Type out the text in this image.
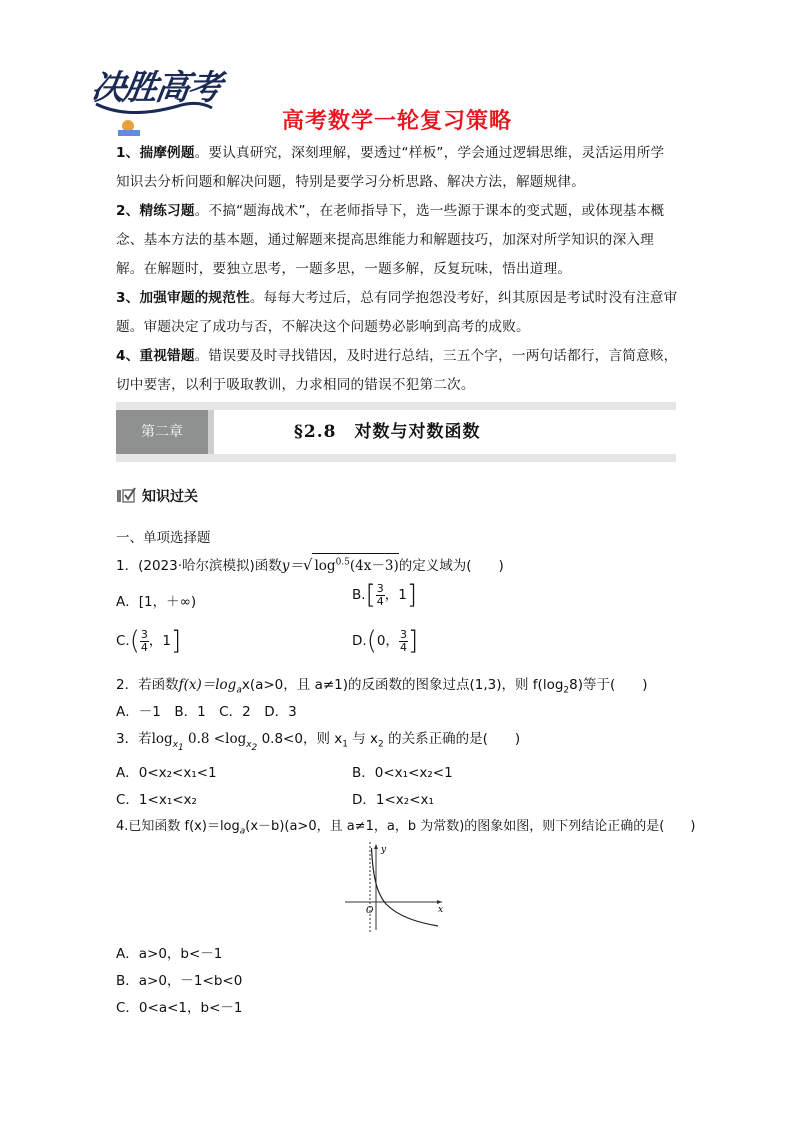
决胜高考
高考数学一轮复习策略
1、揣摩例题。要认真研究，深刻理解，要透过“样板”，学会通过逻辑思维，灵活运用所学知识去分析问题和解决问题，特别是要学习分析思路、解决方法，解题规律。
2、精练习题。不搞“题海战术”，在老师指导下，选一些源于课本的变式题，或体现基本概念、基本方法的基本题，通过解题来提高思维能力和解题技巧，加深对所学知识的深入理解。在解题时，要独立思考，一题多思，一题多解，反复玩味，悟出道理。
3、加强审题的规范性。每每大考过后，总有同学抱怨没考好，纠其原因是考试时没有注意审题。审题决定了成功与否，不解决这个问题势必影响到高考的成败。
4、重视错题。错误要及时寻找错因，及时进行总结，三五个字，一两句话都行，言简意赅，切中要害，以利于吸取教训，力求相同的错误不犯第二次。
第二章	§2.8　对数与对数函数
知识过关
一、单项选择题
1．(2023·哈尔滨模拟)函数y＝√ $\log^{0.5}(4x-3)$的定义域为(　　)
A．[1，＋∞)	$B.[ \frac{3}{4}$ ，1]
$C.( \frac{3}{4}$ ，1]	D.(0， $\frac{3}{4}$ ]
2．若函数$f(x)=\log_ax(a>0$，且 a≠1)的反函数的图象过点(1,3)，则 $f(\log_28)$等于(　　)
A．－1　B．1　C．2　D．3
3．若$\log_{x_1} 0.8 <\log_{x_2}$ 0.8<0，则 $x_1$ 与 $x_2$ 的关系正确的是(　　)
A．0<x₂<x₁<1	B．0<x₁<x₂<1
C．1<x₁<x₂	D．1<x₂<x₁
4.已知函数 $f(x)=\log_a(x-b)(a>0$，且 a≠1，a，b 为常数)的图象如图，则下列结论正确的是(　　)
y
x
O
A．a>0，b<－1
B．a>0，－1<b<0
C．0<a<1，b<－1
